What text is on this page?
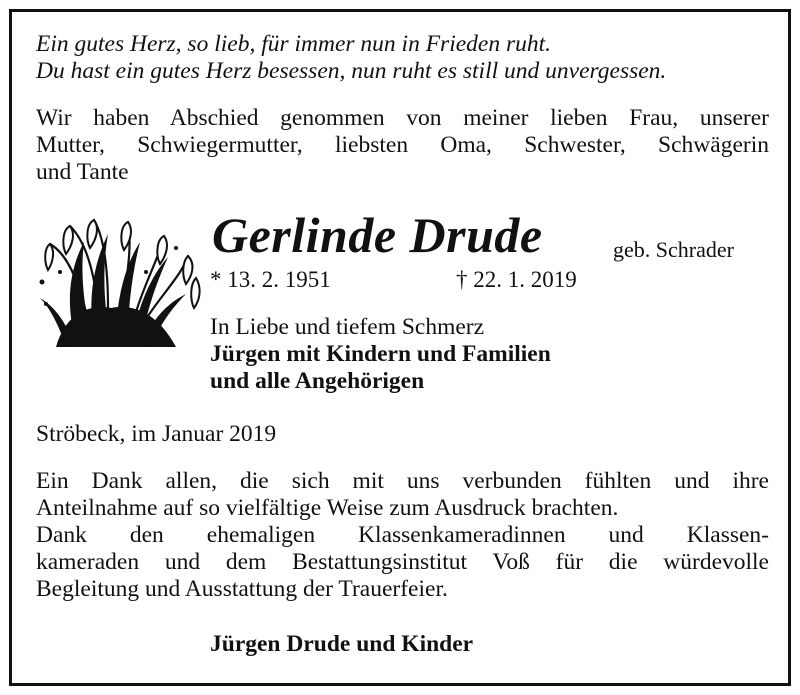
Ein gutes Herz, so lieb, für immer nun in Frieden ruht.

Du hast ein gutes Herz besessen, nun ruht es still und unvergessen.

Wir haben Abschied genommen von meiner lieben Frau, unserer

Mutter, Schwiegermutter, liebsten Oma, Schwester, Schwägerin

und Tante

Gerlinde Drude	geb. Schrader

* 13. 2. 1951	† 22. 1. 2019

In Liebe und tiefem Schmerz

Jürgen mit Kindern und Familien

und alle Angehörigen

Ströbeck, im Januar 2019

Ein Dank allen, die sich mit uns verbunden fühlten und ihre

Anteilnahme auf so vielfältige Weise zum Ausdruck brachten.

Dank den ehemaligen Klassenkameradinnen und Klassen-

kameraden und dem Bestattungsinstitut Voß für die würdevolle

Begleitung und Ausstattung der Trauerfeier.

Jürgen Drude und Kinder
